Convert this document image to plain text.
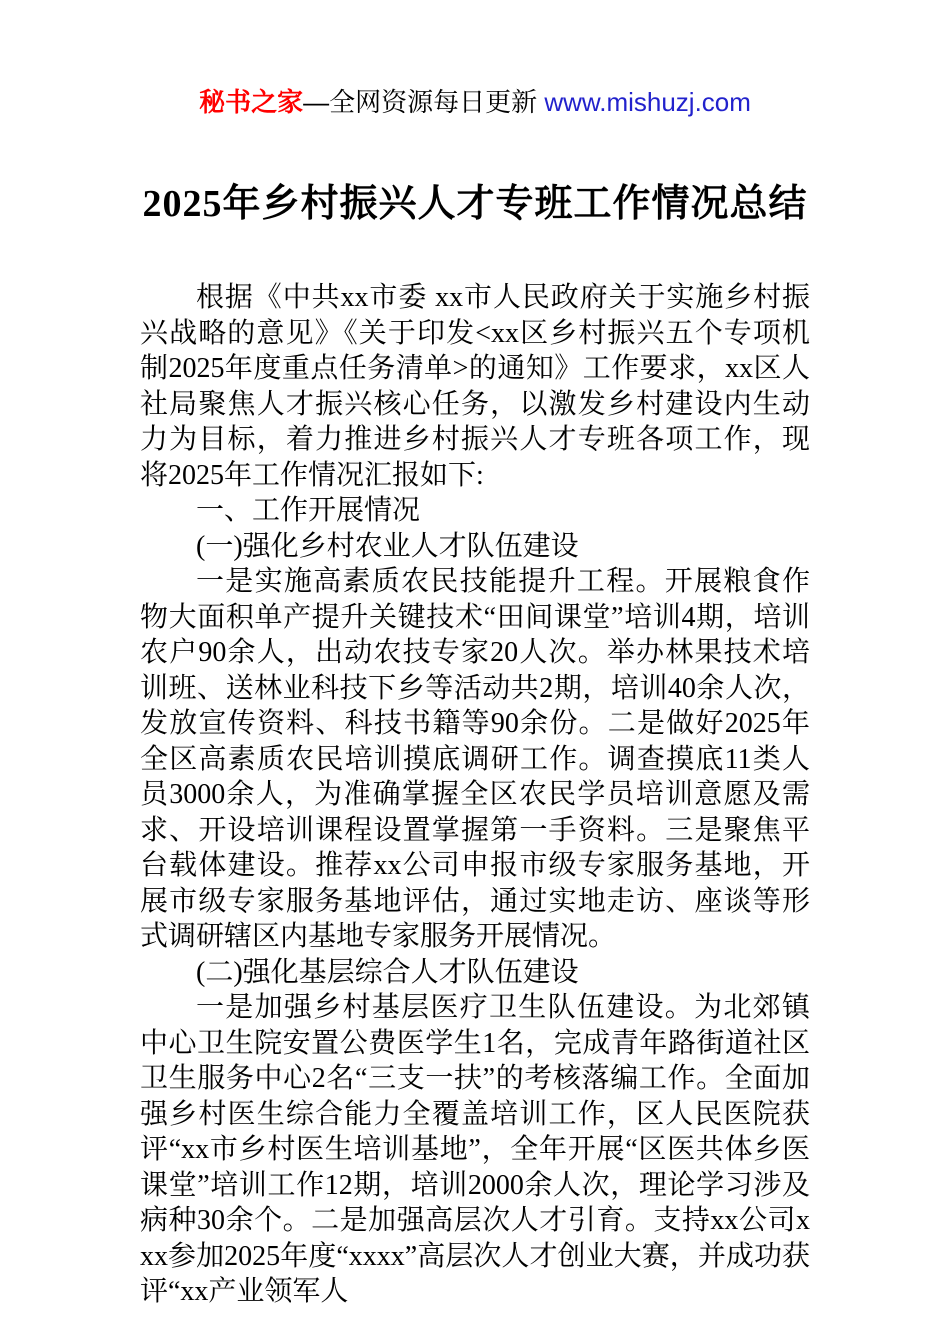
秘书之家—全网资源每日更新 www.mishuzj.com
2025年乡村振兴人才专班工作情况总结

根据《中共xx市委 xx市人民政府关于实施乡村振兴战略的意见》《关于印发<xx区乡村振兴五个专项机制2025年度重点任务清单>的通知》工作要求，xx区人社局聚焦人才振兴核心任务，以激发乡村建设内生动力为目标，着力推进乡村振兴人才专班各项工作，现将2025年工作情况汇报如下:

一、工作开展情况

(一)强化乡村农业人才队伍建设

一是实施高素质农民技能提升工程。开展粮食作物大面积单产提升关键技术“田间课堂”培训4期，培训农户90余人，出动农技专家20人次。举办林果技术培训班、送林业科技下乡等活动共2期，培训40余人次，发放宣传资料、科技书籍等90余份。二是做好2025年全区高素质农民培训摸底调研工作。调查摸底11类人员3000余人，为准确掌握全区农民学员培训意愿及需求、开设培训课程设置掌握第一手资料。三是聚焦平台载体建设。推荐xx公司申报市级专家服务基地，开展市级专家服务基地评估，通过实地走访、座谈等形式调研辖区内基地专家服务开展情况。

(二)强化基层综合人才队伍建设

一是加强乡村基层医疗卫生队伍建设。为北郊镇中心卫生院安置公费医学生1名，完成青年路街道社区卫生服务中心2名“三支一扶”的考核落编工作。全面加强乡村医生综合能力全覆盖培训工作，区人民医院获评“xx市乡村医生培训基地”，全年开展“区医共体乡医课堂”培训工作12期，培训2000余人次，理论学习涉及病种30余个。二是加强高层次人才引育。支持xx公司xxx参加2025年度“xxxx”高层次人才创业大赛，并成功获评“xx产业领军人
